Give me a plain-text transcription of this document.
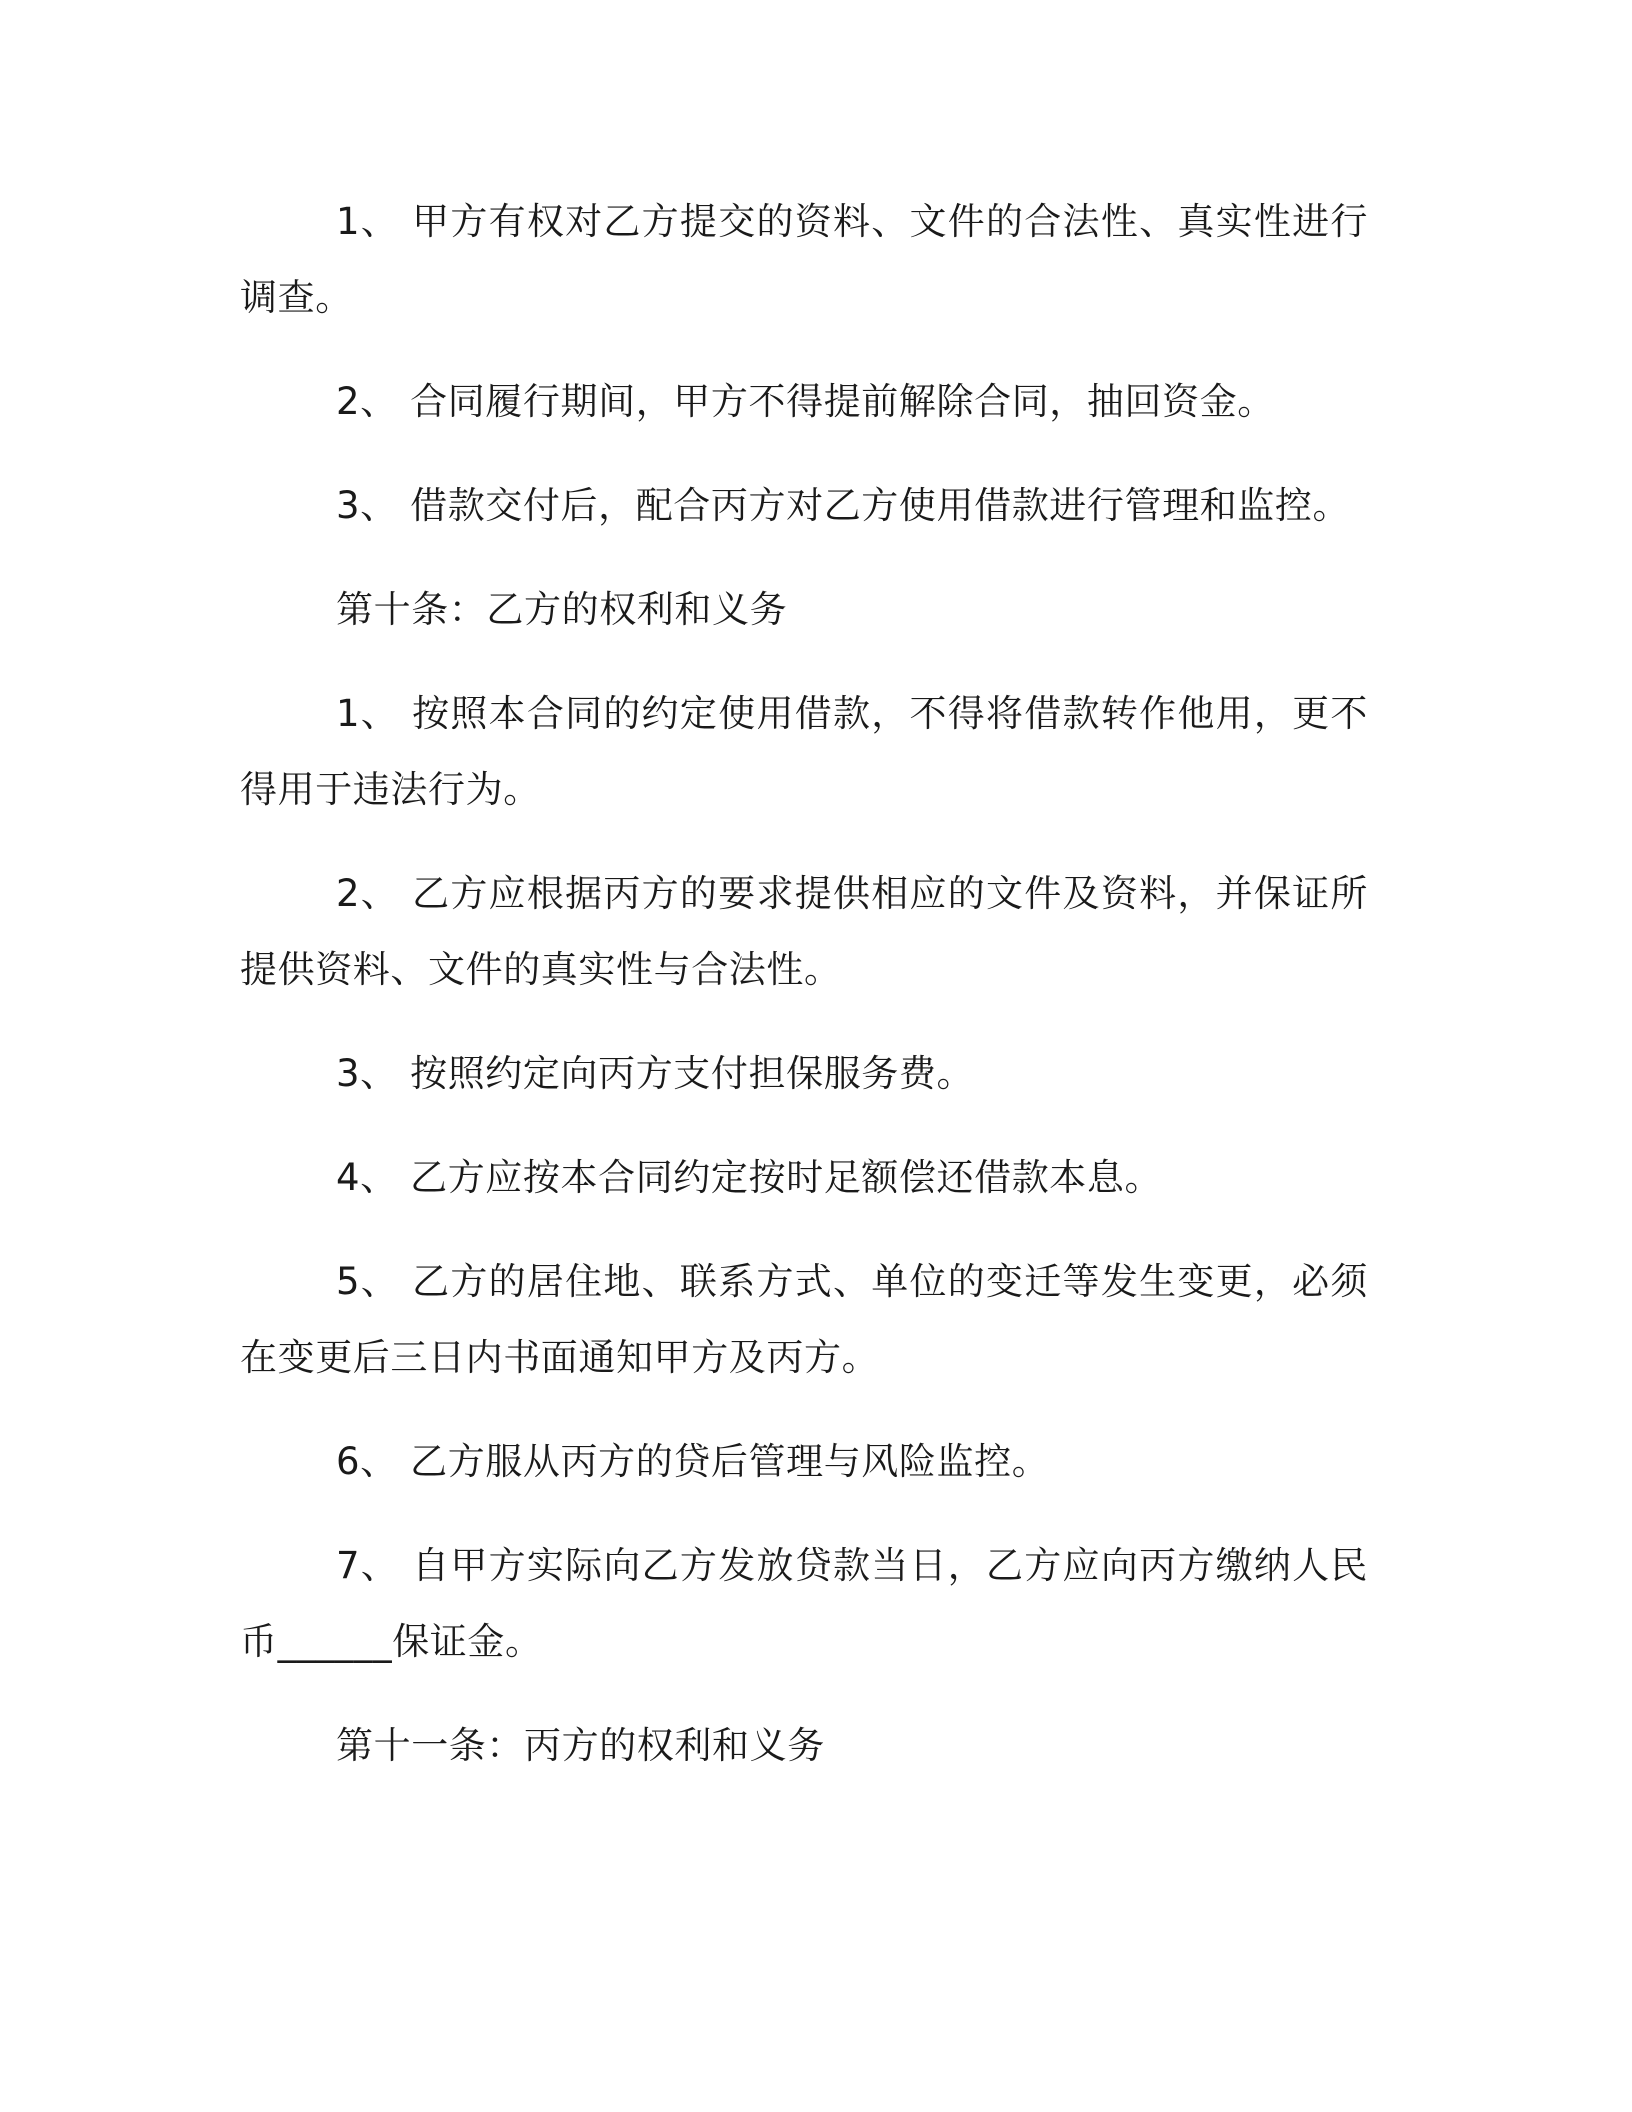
1、 甲方有权对乙方提交的资料、文件的合法性、真实性进行调查。

2、 合同履行期间，甲方不得提前解除合同，抽回资金。

3、 借款交付后，配合丙方对乙方使用借款进行管理和监控。

第十条：乙方的权利和义务

1、 按照本合同的约定使用借款，不得将借款转作他用，更不得用于违法行为。

2、 乙方应根据丙方的要求提供相应的文件及资料，并保证所提供资料、文件的真实性与合法性。

3、 按照约定向丙方支付担保服务费。

4、 乙方应按本合同约定按时足额偿还借款本息。

5、 乙方的居住地、联系方式、单位的变迁等发生变更，必须在变更后三日内书面通知甲方及丙方。

6、 乙方服从丙方的贷后管理与风险监控。

7、 自甲方实际向乙方发放贷款当日，乙方应向丙方缴纳人民币______保证金。

第十一条：丙方的权利和义务
